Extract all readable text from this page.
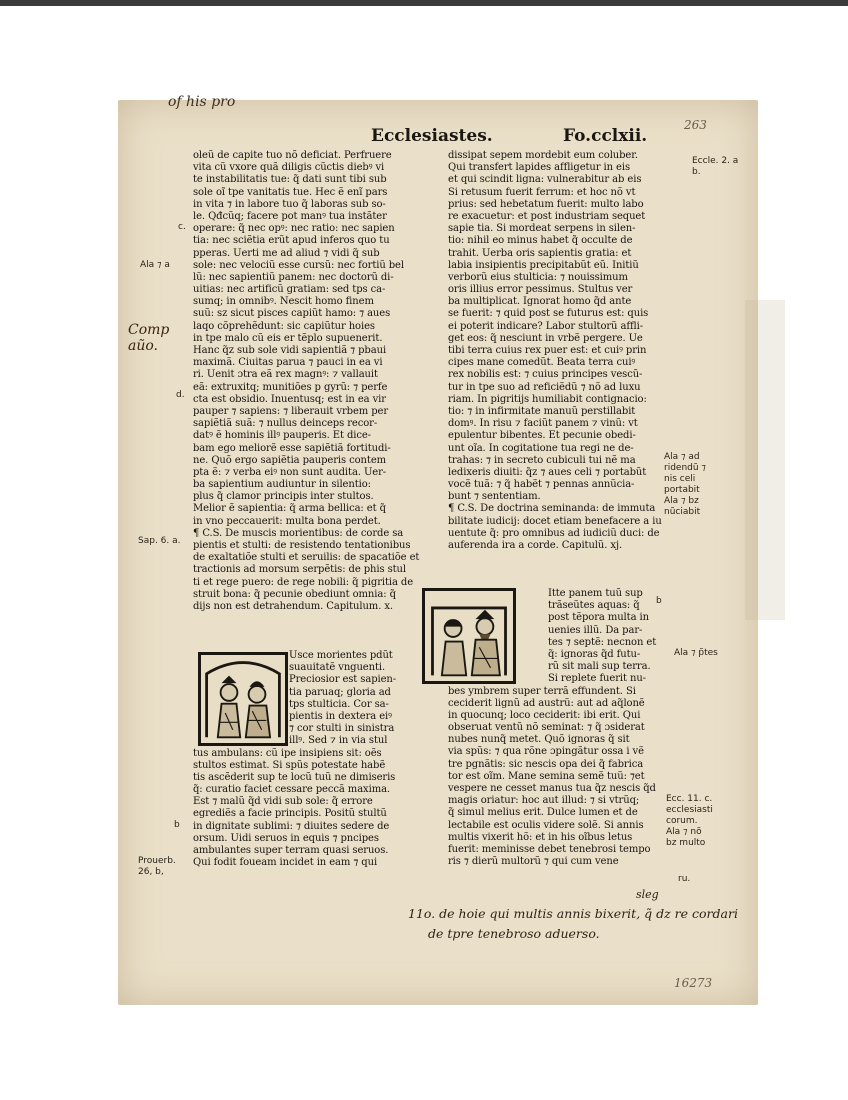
of his pro
263
Ecclesiastes.	Fo.cclxii.
Comp
aũo.
Ala ⁊ a
c.
d.
Sap. 6. a.
b
Prouerb.
26, b,
oleũ de capite tuo nõ deficiat. Perfruere
vita cũ vxore quã diligis cũctis diebꝰ vi
te instabilitatis tue: q̃ dati sunt tibi sub
sole oĩ tpe vanitatis tue. Hec ẽ enĩ pars
in vita ⁊ in labore tuo q̃ laboras sub so-
le. Qđcũq; facere pot manꝰ tua instãter
operare: q̃ nec opꝰ: nec ratio: nec sapien
tia: nec sciẽtia erũt apud inferos quo tu
pperas. Uerti me ad aliud ⁊ vidi q̃ sub
sole: nec velociũ esse cursũ: nec fortiũ bel
lũ: nec sapientiũ panem: nec doctorũ di-
uitias: nec artificũ gratiam: sed tps ca-
sumq; in omnibꝰ. Nescit homo finem
suũ: sz sicut pisces capiũt hamo: ⁊ aues
laqo cõprehẽdunt: sic capiũtur hoies
in tpe malo cũ eis er tẽplo supuenerit.
Hanc q̃z sub sole vidi sapientiã ⁊ pbaui
maximã. Ciuitas parua ⁊ pauci in ea vi
ri. Uenit ɔtra eã rex magnꝰ: ⁊ vallauit
eã: extruxitq; munitiões p gyrũ: ⁊ perfe
cta est obsidio. Inuentusq; est in ea vir
pauper ⁊ sapiens: ⁊ liberauit vrbem per
sapiẽtiã suã: ⁊ nullus deinceps recor-
datꝰ ẽ hominis illꝰ pauperis. Et dice-
bam ego meliorẽ esse sapiẽtiã fortitudi-
ne. Quõ ergo sapiẽtia pauperis contem
pta ẽ: ⁊ verba eiꝰ non sunt audita. Uer-
ba sapientium audiuntur in silentio:
plus q̃ clamor principis inter stultos.
Melior ẽ sapientia: q̃ arma bellica: et q̃
in vno peccauerit: multa bona perdet.
¶ C.S. De muscis morientibus: de corde sa
pientis et stulti: de resistendo tentationibus
de exaltatiõe stulti et seruilis: de spacatiõe et
tractionis ad morsum serpẽtis: de phis stul
ti et rege puero: de rege nobili: q̃ pigritia de
struit bona: q̃ pecunie obediunt omnia: q̃
dijs non est detrahendum. Capitulum. x.
Usce morientes pdũt
suauitatẽ vnguenti.
Preciosior est sapien-
tia paruaq; gloria ad
tps stulticia. Cor sa-
pientis in dextera eiꝰ
⁊ cor stulti in sinistra
illꝰ. Sed ⁊ in via stul
tus ambulans: cũ ipe insipiens sit: oẽs
stultos estimat. Si spũs potestate habẽ
tis ascẽderit sup te locũ tuũ ne dimiseris
q̃: curatio faciet cessare peccã maxima.
Est ⁊ malũ q̃d vidi sub sole: q̃ errore
egrediẽs a facie principis. Positũ stultũ
in dignitate sublimi: ⁊ diuites sedere de
orsum. Uidi seruos in equis ⁊ pncipes
ambulantes super terram quasi seruos.
Qui fodit foueam incidet in eam ⁊ qui
dissipat sepem mordebit eum coluber.
Qui transfert lapides affligetur in eis
et qui scindit ligna: vulnerabitur ab eis
Si retusum fuerit ferrum: et hoc nõ vt
prius: sed hebetatum fuerit: multo labo
re exacuetur: et post industriam sequet
sapie tia. Si mordeat serpens in silen-
tio: nihil eo minus habet q̃ occulte de
trahit. Uerba oris sapientis gratia: et
labia insipientis precipitabũt eũ. Initiũ
verborũ eius stulticia: ⁊ nouissimum
oris illius error pessimus. Stultus ver
ba multiplicat. Ignorat homo q̃d ante
se fuerit: ⁊ quid post se futurus est: quis
ei poterit indicare? Labor stultorũ affli-
get eos: q̃ nesciunt in vrbẽ pergere. Ue
tibi terra cuius rex puer est: et cuiꝰ prin
cipes mane comedũt. Beata terra cuiꝰ
rex nobilis est: ⁊ cuius principes vescũ-
tur in tpe suo ad reficiẽdũ ⁊ nõ ad luxu
riam. In pigritijs humiliabit contignacio:
tio: ⁊ in infirmitate manuũ perstillabit
domꝰ. In risu ⁊ faciũt panem ⁊ vinũ: vt
epulentur bibentes. Et pecunie obedi-
unt oĩa. In cogitatione tua regi ne de-
trahas: ⁊ in secreto cubiculi tui nẽ ma
ledixeris diuiti: q̃z ⁊ aues celi ⁊ portabũt
vocẽ tuã: ⁊ q̃ habẽt ⁊ pennas annũcia-
bunt ⁊ sententiam.
¶ C.S. De doctrina seminanda: de immuta
bilitate iudicij: docet etiam benefacere a iu
uentute q̃: pro omnibus ad iudiciũ duci: de
auferenda ira a corde. Capitulũ. xj.
Itte panem tuũ sup
trãseũtes aquas: q̃
post tẽpora multa in
uenies illũ. Da par-
tes ⁊ septẽ: necnon et
q̃: ignoras q̃d futu-
rũ sit mali sup terra.
Si replete fuerit nu-
bes ymbrem super terrã effundent. Si
ceciderit lignũ ad austrũ: aut ad aq̃lonẽ
in quocunq; loco ceciderit: ibi erit. Qui
obseruat ventũ nõ seminat: ⁊ q̃ ɔsiderat
nubes nunq̃ metet. Quõ ignoras q̃ sit
via spũs: ⁊ qua rõne ɔpingãtur ossa i vẽ
tre pgnãtis: sic nescis opa dei q̃ fabrica
tor est oĩm. Mane semina semẽ tuũ: ⁊et
vespere ne cesset manus tua q̃z nescis q̃d
magis oriatur: hoc aut illud: ⁊ si vtrũq;
q̃ simul melius erit. Dulce lumen et de
lectabile est oculis videre solẽ. Si annis
multis vixerit hõ: et in his oĩbus letus
fuerit: meminisse debet tenebrosi tempo
ris ⁊ dierũ multorũ ⁊ qui cum vene
Eccle. 2. a
b.
Ala ⁊ ad
ridendũ ⁊
nis celi
portabit
Ala ⁊ bz
nũciabit
b
Ala ⁊ p̃tes
Ecc. 11. c.
ecclesiasti
corum.
Ala ⁊ nõ
bz multo
ru.
11o. de hoie qui multis annis bixerit, q̃ dz re cordari
de tpre tenebroso aduerso.
sleg
16273
